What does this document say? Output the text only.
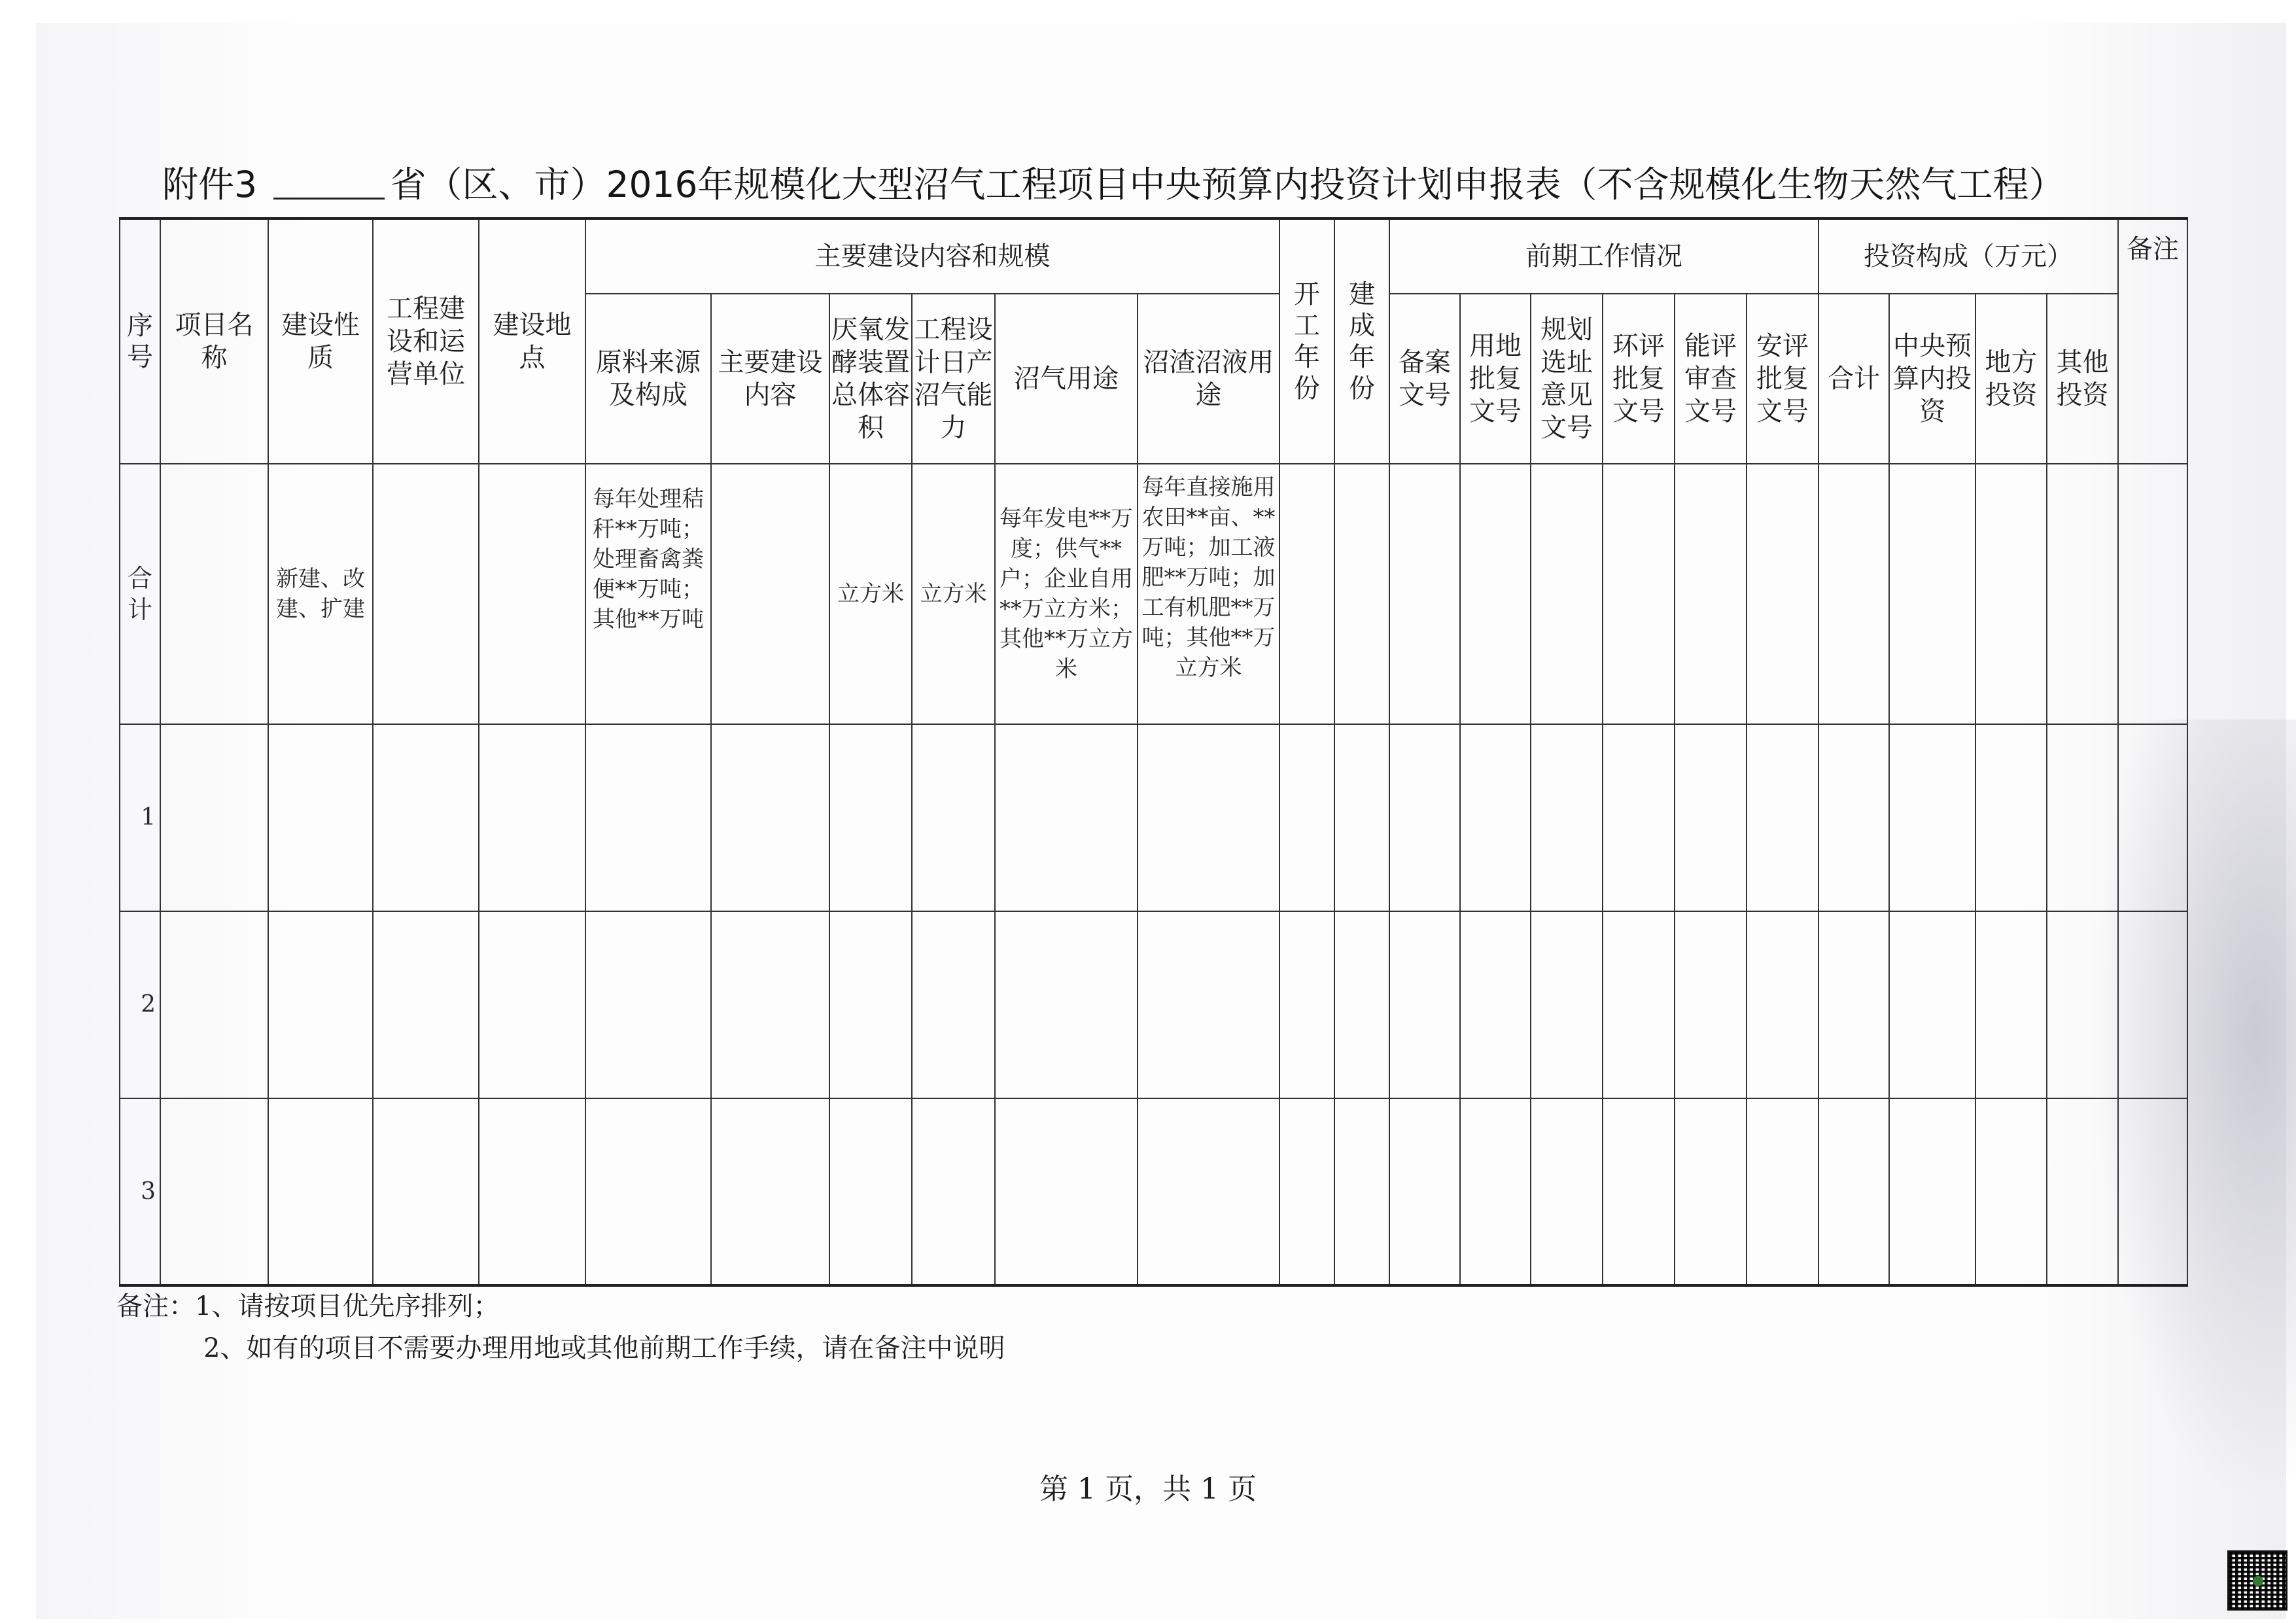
附件3	省（区、市）2016年规模化大型沼气工程项目中央预算内投资计划申报表（不含规模化生物天然气工程）
序号	项目名称	建设性质	工程建设和运营单位	建设地点	主要建设内容和规模						开工年份	建成年份	前期工作情况						投资构成（万元）				备注
					原料来源及构成	主要建设内容	厌氧发酵装置总体容积	工程设计日产沼气能力	沼气用途	沼渣沼液用途			备案文号	用地批复文号	规划选址意见文号	环评批复文号	能评审查文号	安评批复文号	合计	中央预算内投资	地方投资	其他投资	
合计		新建、改建、扩建			每年处理秸秆**万吨；处理畜禽粪便**万吨；其他**万吨		立方米	立方米	每年发电**万度；供气**户；企业自用**万立方米；其他**万立方米	每年直接施用农田**亩、**万吨；加工液肥**万吨；加工有机肥**万吨；其他**万立方米													
1																							
2																							
3																							
备注：1、请按项目优先序排列；
2、如有的项目不需要办理用地或其他前期工作手续，请在备注中说明
第 1 页，共 1 页
